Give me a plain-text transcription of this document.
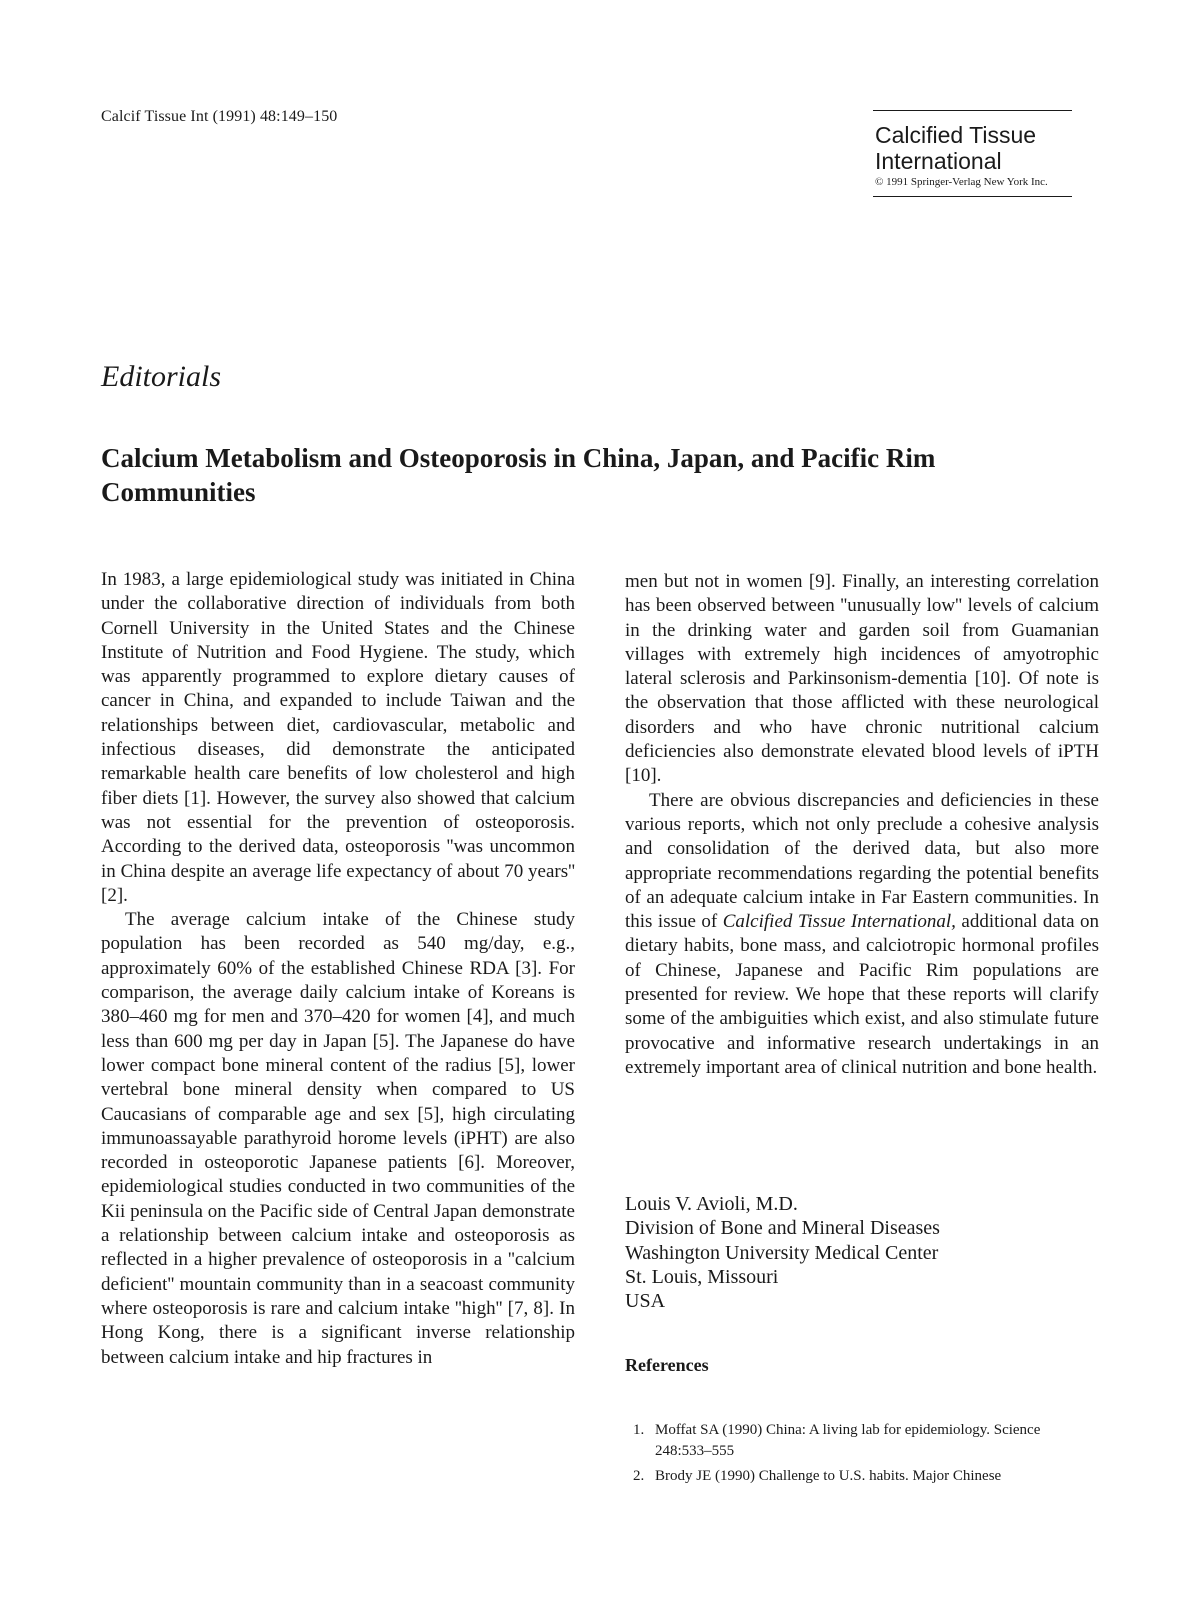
Calcif Tissue Int (1991) 48:149–150
Calcified Tissue
International
© 1991 Springer-Verlag New York Inc.
Editorials
Calcium Metabolism and Osteoporosis in China, Japan, and Pacific Rim Communities

In 1983, a large epidemiological study was initiated in China under the collaborative direction of individuals from both Cornell University in the United States and the Chinese Institute of Nutrition and Food Hygiene. The study, which was apparently programmed to explore dietary causes of cancer in China, and expanded to include Taiwan and the relationships between diet, cardiovascular, metabolic and infectious diseases, did demonstrate the anticipated remarkable health care benefits of low cholesterol and high fiber diets [1]. However, the survey also showed that calcium was not essential for the prevention of osteoporosis. According to the derived data, osteoporosis ''was uncommon in China despite an average life expectancy of about 70 years'' [2].

The average calcium intake of the Chinese study population has been recorded as 540 mg/day, e.g., approximately 60% of the established Chinese RDA [3]. For comparison, the average daily calcium intake of Koreans is 380–460 mg for men and 370–420 for women [4], and much less than 600 mg per day in Japan [5]. The Japanese do have lower compact bone mineral content of the radius [5], lower vertebral bone mineral density when compared to US Caucasians of comparable age and sex [5], high circulating immunoassayable parathyroid horome levels (iPHT) are also recorded in osteoporotic Japanese patients [6]. Moreover, epidemiological studies conducted in two communities of the Kii peninsula on the Pacific side of Central Japan demonstrate a relationship between calcium intake and osteoporosis as reflected in a higher prevalence of osteoporosis in a ''calcium deficient'' mountain community than in a seacoast community where osteoporosis is rare and calcium intake ''high'' [7, 8]. In Hong Kong, there is a significant inverse relationship between calcium intake and hip fractures in

men but not in women [9]. Finally, an interesting correlation has been observed between ''unusually low'' levels of calcium in the drinking water and garden soil from Guamanian villages with extremely high incidences of amyotrophic lateral sclerosis and Parkinsonism-dementia [10]. Of note is the observation that those afflicted with these neurological disorders and who have chronic nutritional calcium deficiencies also demonstrate elevated blood levels of iPTH [10].

There are obvious discrepancies and deficiencies in these various reports, which not only preclude a cohesive analysis and consolidation of the derived data, but also more appropriate recommendations regarding the potential benefits of an adequate calcium intake in Far Eastern communities. In this issue of Calcified Tissue International, additional data on dietary habits, bone mass, and calciotropic hormonal profiles of Chinese, Japanese and Pacific Rim populations are presented for review. We hope that these reports will clarify some of the ambiguities which exist, and also stimulate future provocative and informative research undertakings in an extremely important area of clinical nutrition and bone health.

Louis V. Avioli, M.D.
Division of Bone and Mineral Diseases
Washington University Medical Center
St. Louis, Missouri
USA
References
1. Moffat SA (1990) China: A living lab for epidemiology. Science 248:533–555
2. Brody JE (1990) Challenge to U.S. habits. Major Chinese
